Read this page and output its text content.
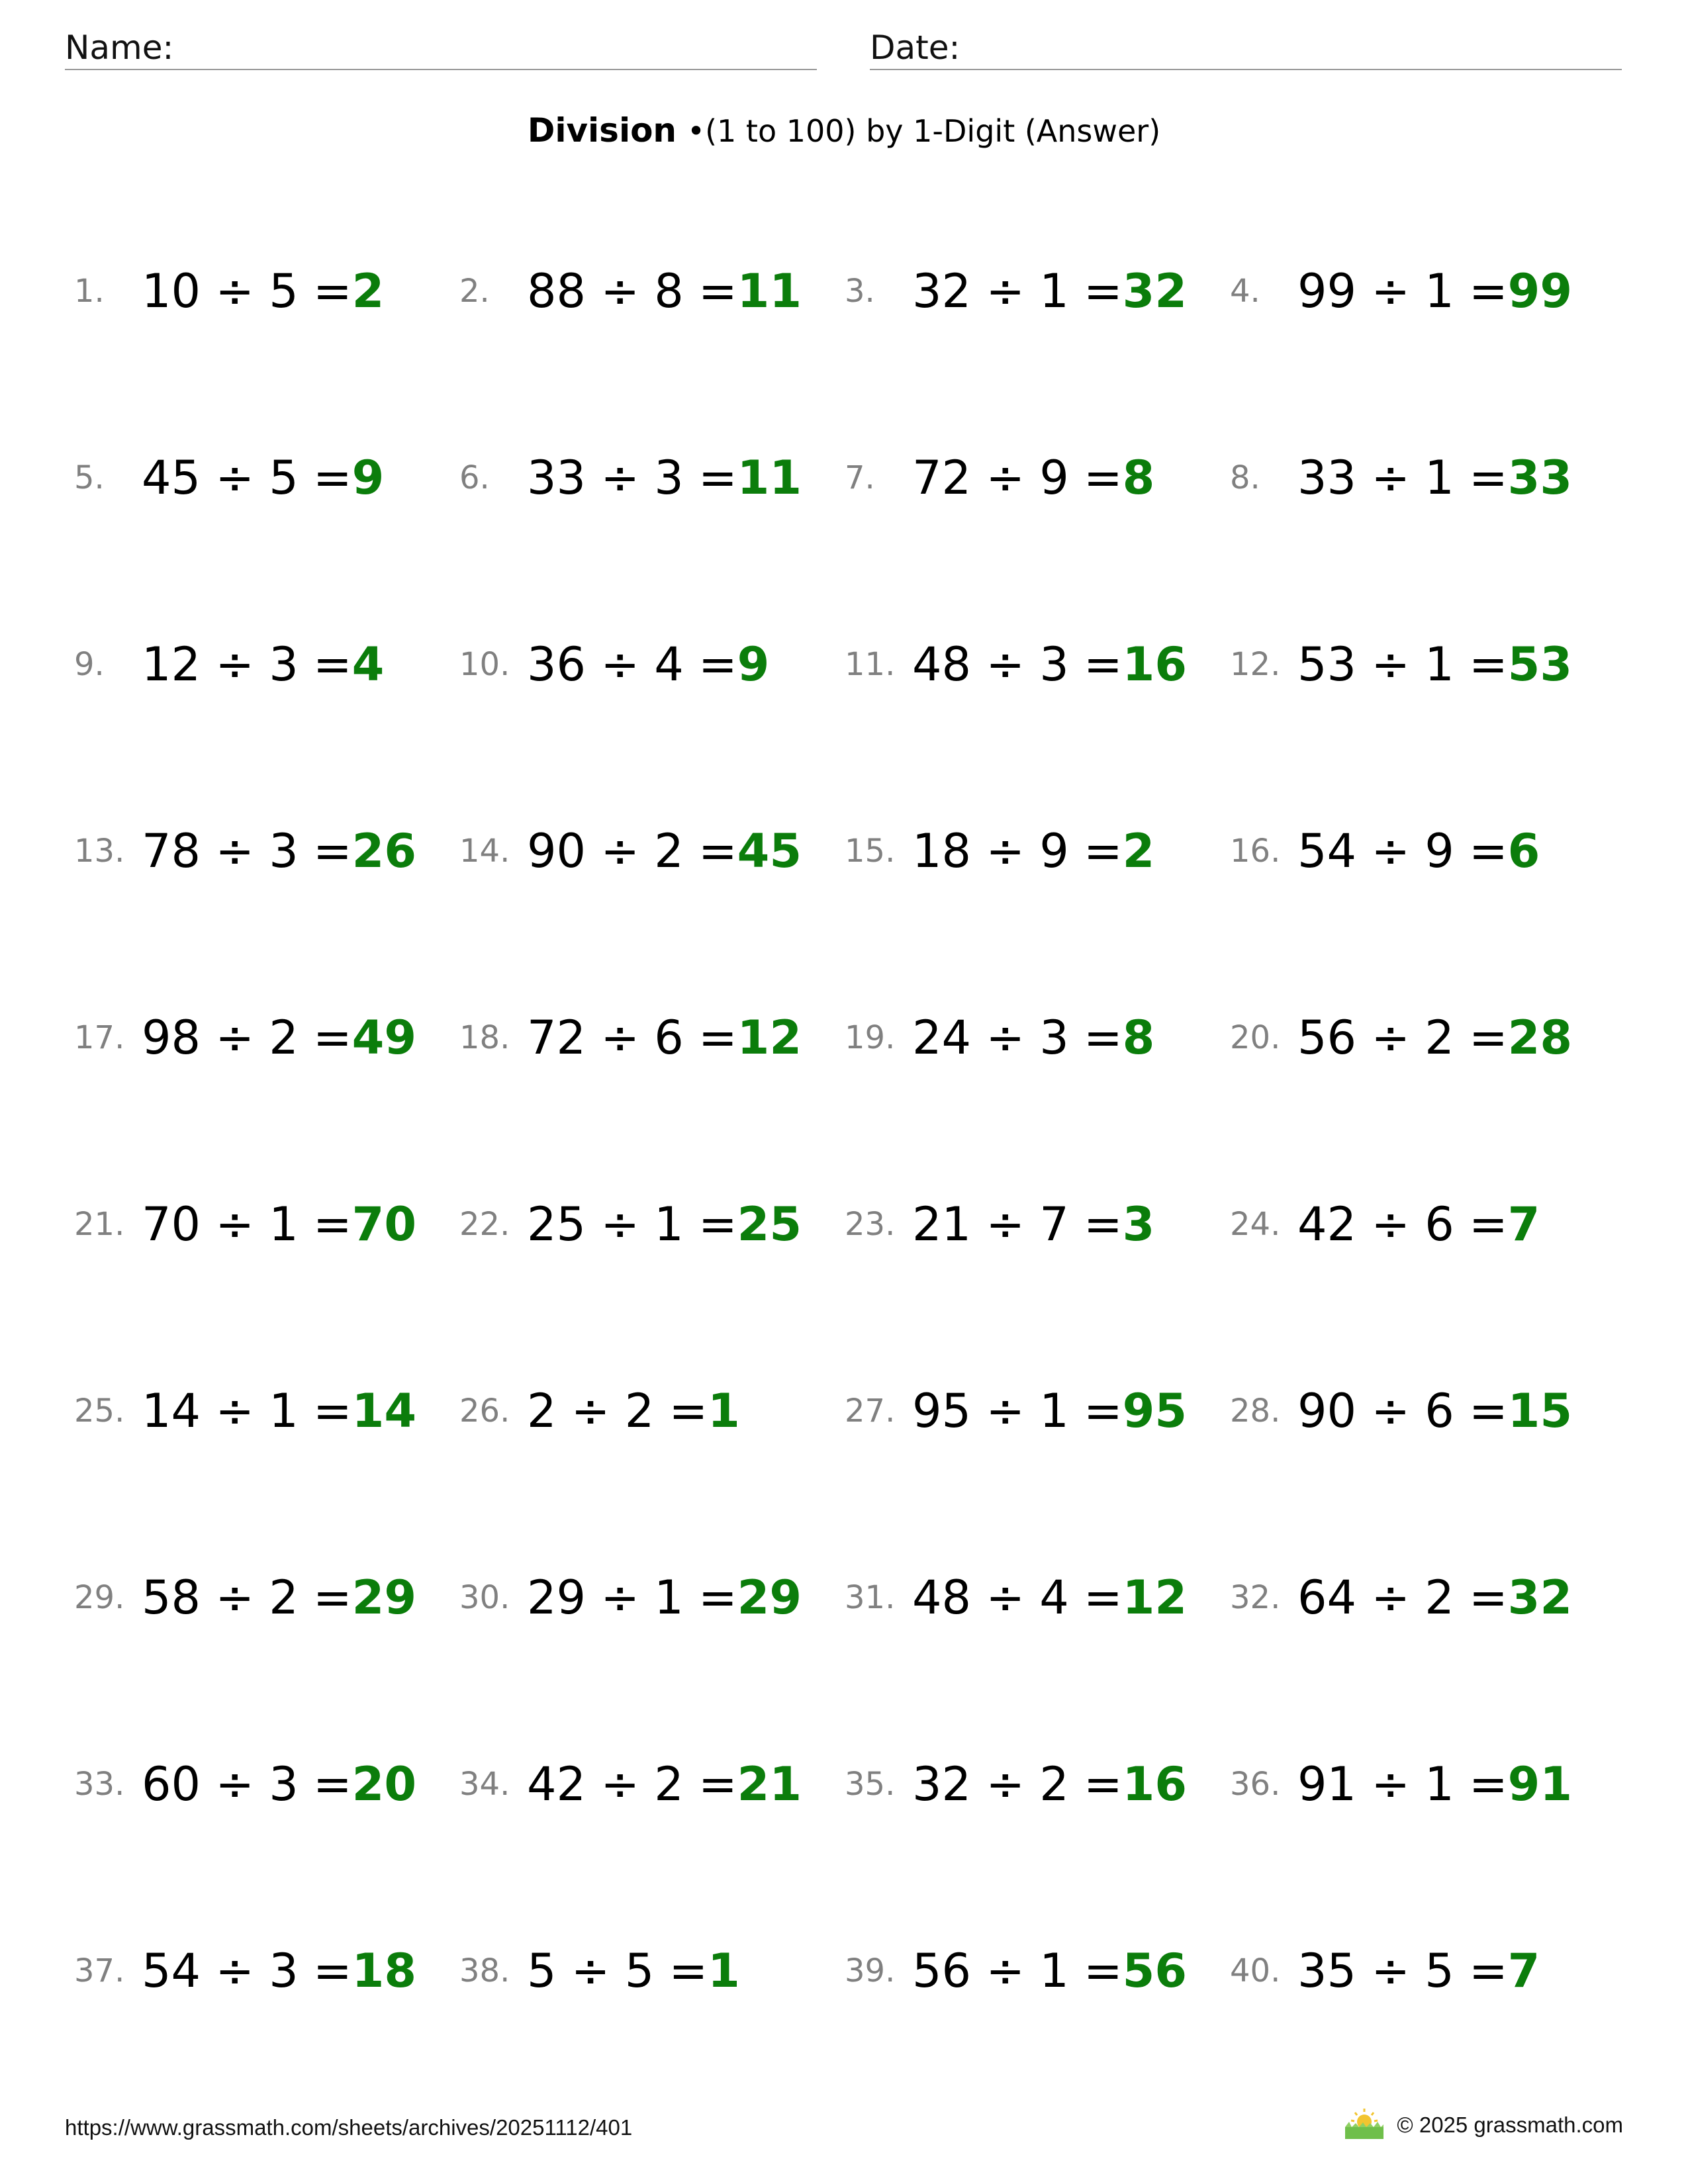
Name:	Date:
Division •(1 to 100) by 1-Digit (Answer)
1. 10 ÷ 5 =2 2. 88 ÷ 8 =11 3. 32 ÷ 1 =32 4. 99 ÷ 1 =99
5. 45 ÷ 5 =9 6. 33 ÷ 3 =11 7. 72 ÷ 9 =8 8. 33 ÷ 1 =33
9. 12 ÷ 3 =4 10. 36 ÷ 4 =9 11. 48 ÷ 3 =16 12. 53 ÷ 1 =53
13. 78 ÷ 3 =26 14. 90 ÷ 2 =45 15. 18 ÷ 9 =2 16. 54 ÷ 9 =6
17. 98 ÷ 2 =49 18. 72 ÷ 6 =12 19. 24 ÷ 3 =8 20. 56 ÷ 2 =28
21. 70 ÷ 1 =70 22. 25 ÷ 1 =25 23. 21 ÷ 7 =3 24. 42 ÷ 6 =7
25. 14 ÷ 1 =14 26. 2 ÷ 2 =1	27. 95 ÷ 1 =95 28. 90 ÷ 6 =15
29. 58 ÷ 2 =29 30. 29 ÷ 1 =29 31. 48 ÷ 4 =12 32. 64 ÷ 2 =32
33. 60 ÷ 3 =20 34. 42 ÷ 2 =21 35. 32 ÷ 2 =16 36. 91 ÷ 1 =91
37. 54 ÷ 3 =18 38. 5 ÷ 5 =1	39. 56 ÷ 1 =56 40. 35 ÷ 5 =7
https://www.grassmath.com/sheets/archives/20251112/401	© 2025 grassmath.com
